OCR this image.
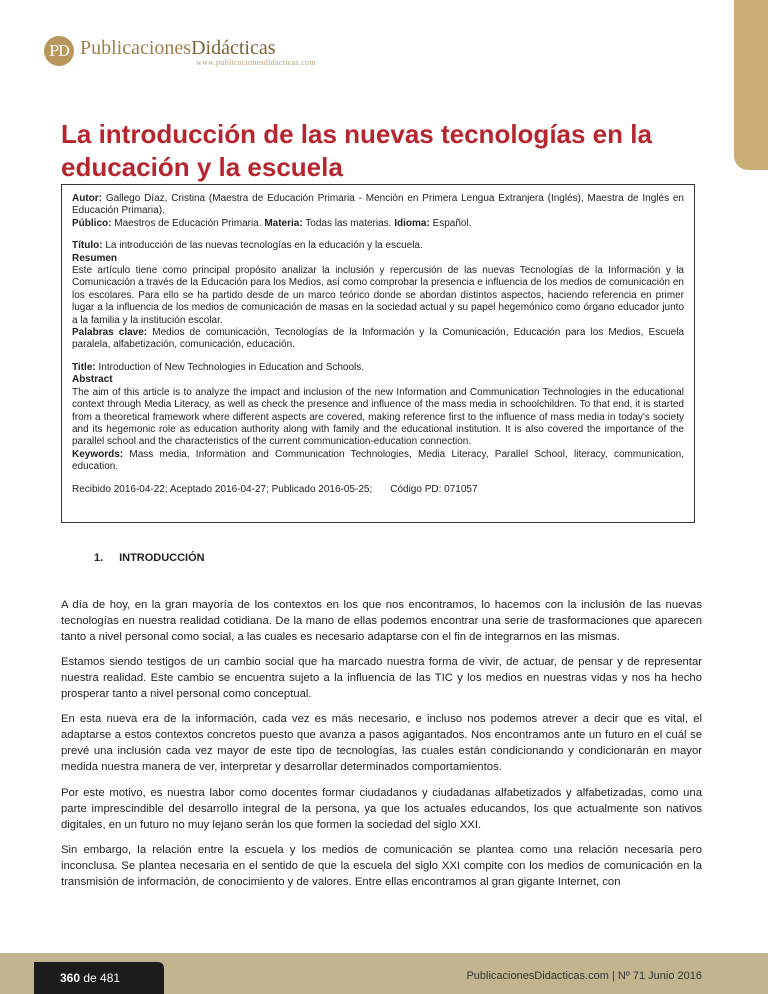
PD PublicacionesDidácticas
www.publicacionesdidacticas.com
La introducción de las nuevas tecnologías en la educación y la escuela

Autor: Gallego Díaz, Cristina (Maestra de Educación Primaria - Mención en Primera Lengua Extranjera (Inglés), Maestra de Inglés en Educación Primaria).

Público: Maestros de Educación Primaria. Materia: Todas las materias. Idioma: Español.

Título: La introducción de las nuevas tecnologías en la educación y la escuela.

Resumen

Este artículo tiene como principal propósito analizar la inclusión y repercusión de las nuevas Tecnologías de la Información y la Comunicación a través de la Educación para los Medios, así como comprobar la presencia e influencia de los medios de comunicación en los escolares. Para ello se ha partido desde de un marco teórico donde se abordan distintos aspectos, haciendo referencia en primer lugar a la influencia de los medios de comunicación de masas en la sociedad actual y su papel hegemónico como órgano educador junto a la familia y la institución escolar.

Palabras clave: Medios de comunicación, Tecnologías de la Información y la Comunicación, Educación para los Medios, Escuela paralela, alfabetización, comunicación, educación.

Title: Introduction of New Technologies in Education and Schools.

Abstract

The aim of this article is to analyze the impact and inclusion of the new Information and Communication Technologies in the educational context through Media Literacy, as well as check the presence and influence of the mass media in schoolchildren. To that end, it is started from a theoretical framework where different aspects are covered, making reference first to the influence of mass media in today's society and its hegemonic role as education authority along with family and the educational institution. It is also covered the importance of the parallel school and the characteristics of the current communication-education connection.

Keywords: Mass media, Information and Communication Technologies, Media Literacy, Parallel School, literacy, communication, education.

Recibido 2016-04-22; Aceptado 2016-04-27; Publicado 2016-05-25; Código PD: 071057
1. INTRODUCCIÓN

A día de hoy, en la gran mayoría de los contextos en los que nos encontramos, lo hacemos con la inclusión de las nuevas tecnologías en nuestra realidad cotidiana. De la mano de ellas podemos encontrar una serie de trasformaciones que aparecen tanto a nivel personal como social, a las cuales es necesario adaptarse con el fin de integrarnos en las mismas.

Estamos siendo testigos de un cambio social que ha marcado nuestra forma de vivir, de actuar, de pensar y de representar nuestra realidad. Este cambio se encuentra sujeto a la influencia de las TIC y los medios en nuestras vidas y nos ha hecho prosperar tanto a nivel personal como conceptual.

En esta nueva era de la información, cada vez es más necesario, e incluso nos podemos atrever a decir que es vital, el adaptarse a estos contextos concretos puesto que avanza a pasos agigantados. Nos encontramos ante un futuro en el cuál se prevé una inclusión cada vez mayor de este tipo de tecnologías, las cuales están condicionando y condicionarán en mayor medida nuestra manera de ver, interpretar y desarrollar determinados comportamientos.

Por este motivo, es nuestra labor como docentes formar ciudadanos y ciudadanas alfabetizados y alfabetizadas, como una parte imprescindible del desarrollo integral de la persona, ya que los actuales educandos, los que actualmente son nativos digitales, en un futuro no muy lejano serán los que formen la sociedad del siglo XXI.

Sin embargo, la relación entre la escuela y los medios de comunicación se plantea como una relación necesaria pero inconclusa. Se plantea necesaria en el sentido de que la escuela del siglo XXI compite con los medios de comunicación en la transmisión de información, de conocimiento y de valores. Entre ellas encontramos al gran gigante Internet, con

360 de 481	PublicacionesDidacticas.com | Nº 71 Junio 2016
